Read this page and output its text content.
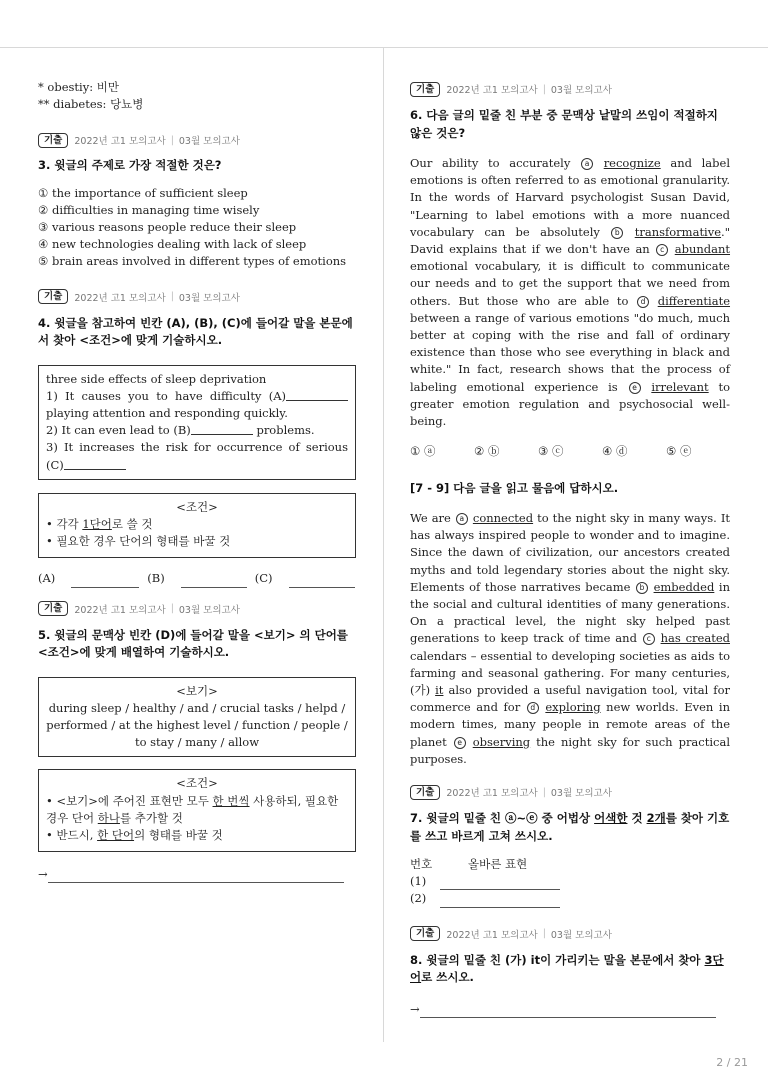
2 / 21
* obestiy: 비만
** diabetes: 당뇨병
기출	2022년 고1 모의고사 | 03월 모의고사
3. 윗글의 주제로 가장 적절한 것은?
① the importance of sufficient sleep
② difficulties in managing time wisely
③ various reasons people reduce their sleep
④ new technologies dealing with lack of sleep
⑤ brain areas involved in different types of emotions
기출	2022년 고1 모의고사 | 03월 모의고사
4. 윗글을 참고하여 빈칸 (A), (B), (C)에 들어갈 말을 본문에서 찾아 <조건>에 맞게 기술하시오.
three side effects of sleep deprivation
1) It causes you to have difficulty (A) playing attention and responding quickly.
2) It can even lead to (B)	problems.
3) It increases the risk for occurrence of serious (C)
<조건>
• 각각 1단어로 쓸 것
• 필요한 경우 단어의 형태를 바꿀 것
(A)	(B)	(C)
기출	2022년 고1 모의고사 | 03월 모의고사
5. 윗글의 문맥상 빈칸 (D)에 들어갈 말을 <보기> 의 단어를 <조건>에 맞게 배열하여 기술하시오.
<보기>
during sleep / healthy / and / crucial tasks / helpd / performed / at the highest level / function / people / to stay / many / allow
<조건>
• <보기>에 주어진 표현만 모두 한 번씩 사용하되, 필요한 경우 단어 하나를 추가할 것
• 반드시, 한 단어의 형태를 바꿀 것
→
기출	2022년 고1 모의고사 | 03월 모의고사
6. 다음 글의 밑줄 친 부분 중 문맥상 낱말의 쓰임이 적절하지 않은 것은?
Our ability to accurately a recognize and label emotions is often referred to as emotional granularity. In the words of Harvard psychologist Susan David, "Learning to label emotions with a more nuanced vocabulary can be absolutely b transformative." David explains that if we don't have an c abundant emotional vocabulary, it is difficult to communicate our needs and to get the support that we need from others. But those who are able to d differentiate between a range of various emotions "do much, much better at coping with the rise and fall of ordinary existence than those who see everything in black and white." In fact, research shows that the process of labeling emotional experience is e irrelevant to greater emotion regulation and psychosocial well-being.
① ⓐ	② ⓑ	③ ⓒ	④ ⓓ	⑤ ⓔ
[7 - 9] 다음 글을 읽고 물음에 답하시오.
We are a connected to the night sky in many ways. It has always inspired people to wonder and to imagine. Since the dawn of civilization, our ancestors created myths and told legendary stories about the night sky. Elements of those narratives became b embedded in the social and cultural identities of many generations. On a practical level, the night sky helped past generations to keep track of time and c has created calendars – essential to developing societies as aids to farming and seasonal gathering. For many centuries, (가) it also provided a useful navigation tool, vital for commerce and for d exploring new worlds. Even in modern times, many people in remote areas of the planet e observing the night sky for such practical purposes.
기출	2022년 고1 모의고사 | 03월 모의고사
7. 윗글의 밑줄 친 ⓐ~ⓔ 중 어법상 어색한 것 2개를 찾아 기호를 쓰고 바르게 고쳐 쓰시오.
번호	올바른 표현
(1)
(2)
기출	2022년 고1 모의고사 | 03월 모의고사
8. 윗글의 밑줄 친 (가) it이 가리키는 말을 본문에서 찾아 3단어로 쓰시오.
→
